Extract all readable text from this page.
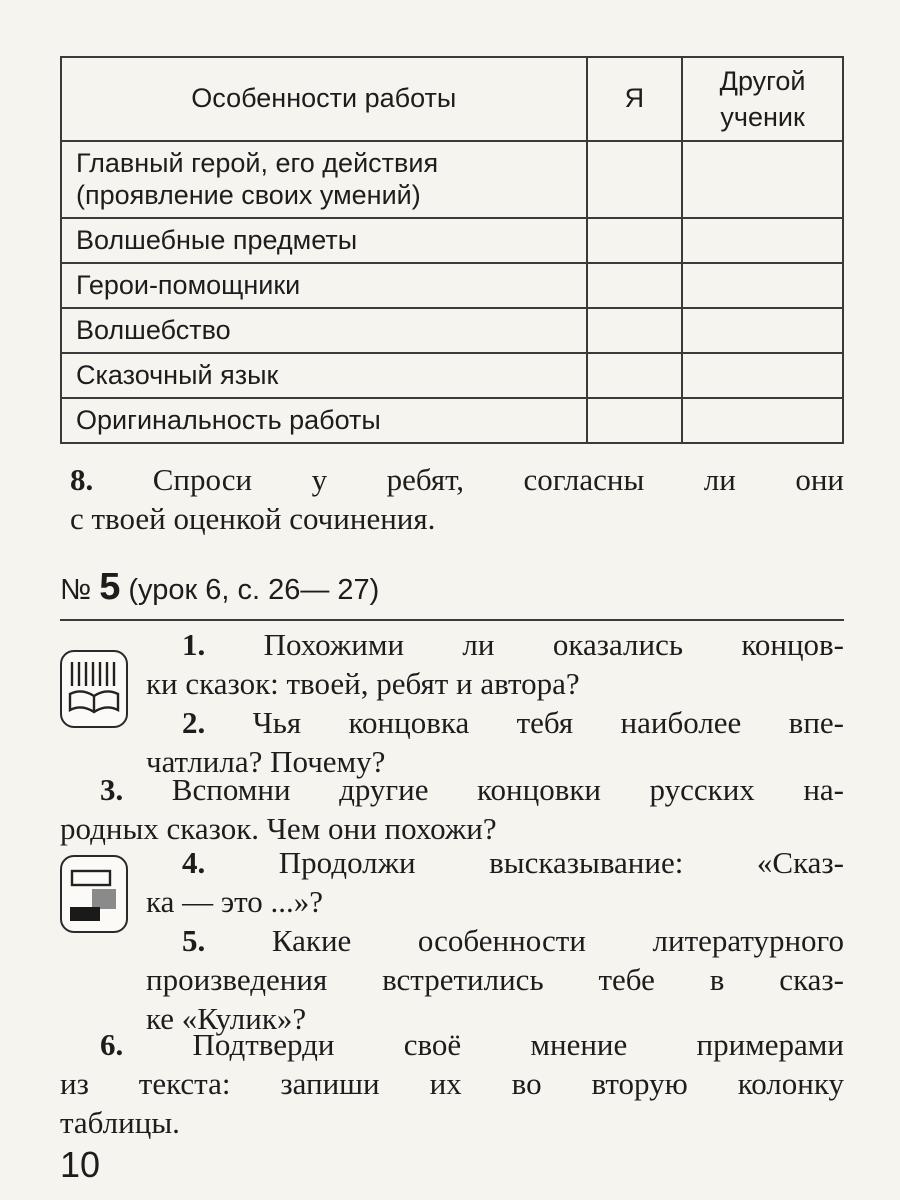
Особенности работы	Я	Другой ученик

Главный герой, его действия
(проявление своих умений)		

Волшебные предметы		
Герои-помощники		
Волшебство		
Сказочный язык		
Оригинальность работы		
8. Спроси у ребят, согласны ли они
с твоей оценкой сочинения.
№ 5 (урок 6, с. 26— 27)
1. Похожими ли оказались концов-
ки сказок: твоей, ребят и автора?
2. Чья концовка тебя наиболее впе-
чатлила? Почему?
3. Вспомни другие концовки русских на-
родных сказок. Чем они похожи?
4. Продолжи высказывание: «Сказ-
ка — это ...»?
5. Какие особенности литературного
произведения встретились тебе в сказ-
ке «Кулик»?
6. Подтверди своё мнение примерами
из текста: запиши их во вторую колонку
таблицы.
10
